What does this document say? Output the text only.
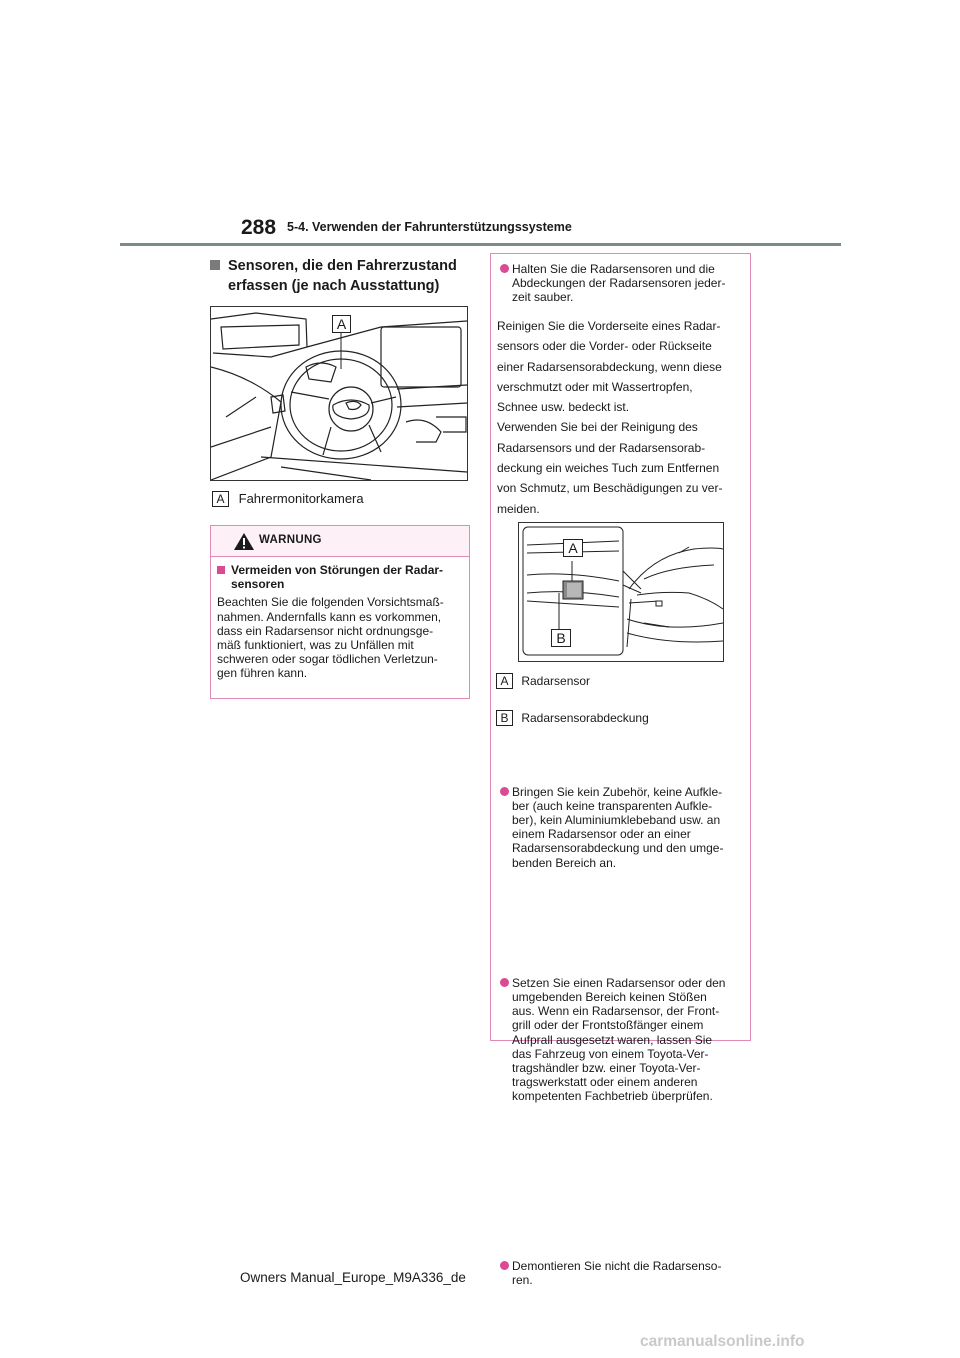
288 5-4. Verwenden der Fahrunterstützungssysteme
Sensoren, die den Fahrerzustand
erfassen (je nach Ausstattung)
A
A Fahrermonitorkamera
WARNUNG
Vermeiden von Störungen der Radar-
sensoren
Beachten Sie die folgenden Vorsichtsmaß-
nahmen. Andernfalls kann es vorkommen,
dass ein Radarsensor nicht ordnungsge-
mäß funktioniert, was zu Unfällen mit
schweren oder sogar tödlichen Verletzun-
gen führen kann.
Halten Sie die Radarsensoren und die
Abdeckungen der Radarsensoren jeder-
zeit sauber.
Reinigen Sie die Vorderseite eines Radar-
sensors oder die Vorder- oder Rückseite
einer Radarsensorabdeckung, wenn diese
verschmutzt oder mit Wassertropfen,
Schnee usw. bedeckt ist.
Verwenden Sie bei der Reinigung des
Radarsensors und der Radarsensorab-
deckung ein weiches Tuch zum Entfernen
von Schmutz, um Beschädigungen zu ver-
meiden.
A
B
A Radarsensor
B Radarsensorabdeckung
Bringen Sie kein Zubehör, keine Aufkle-
ber (auch keine transparenten Aufkle-
ber), kein Aluminiumklebeband usw. an
einem Radarsensor oder an einer
Radarsensorabdeckung und den umge-
benden Bereich an.
Setzen Sie einen Radarsensor oder den
umgebenden Bereich keinen Stößen
aus. Wenn ein Radarsensor, der Front-
grill oder der Frontstoßfänger einem
Aufprall ausgesetzt waren, lassen Sie
das Fahrzeug von einem Toyota-Ver-
tragshändler bzw. einer Toyota-Ver-
tragswerkstatt oder einem anderen
kompetenten Fachbetrieb überprüfen.
Demontieren Sie nicht die Radarsenso-
ren.
Owners Manual_Europe_M9A336_de
carmanualsonline.info
